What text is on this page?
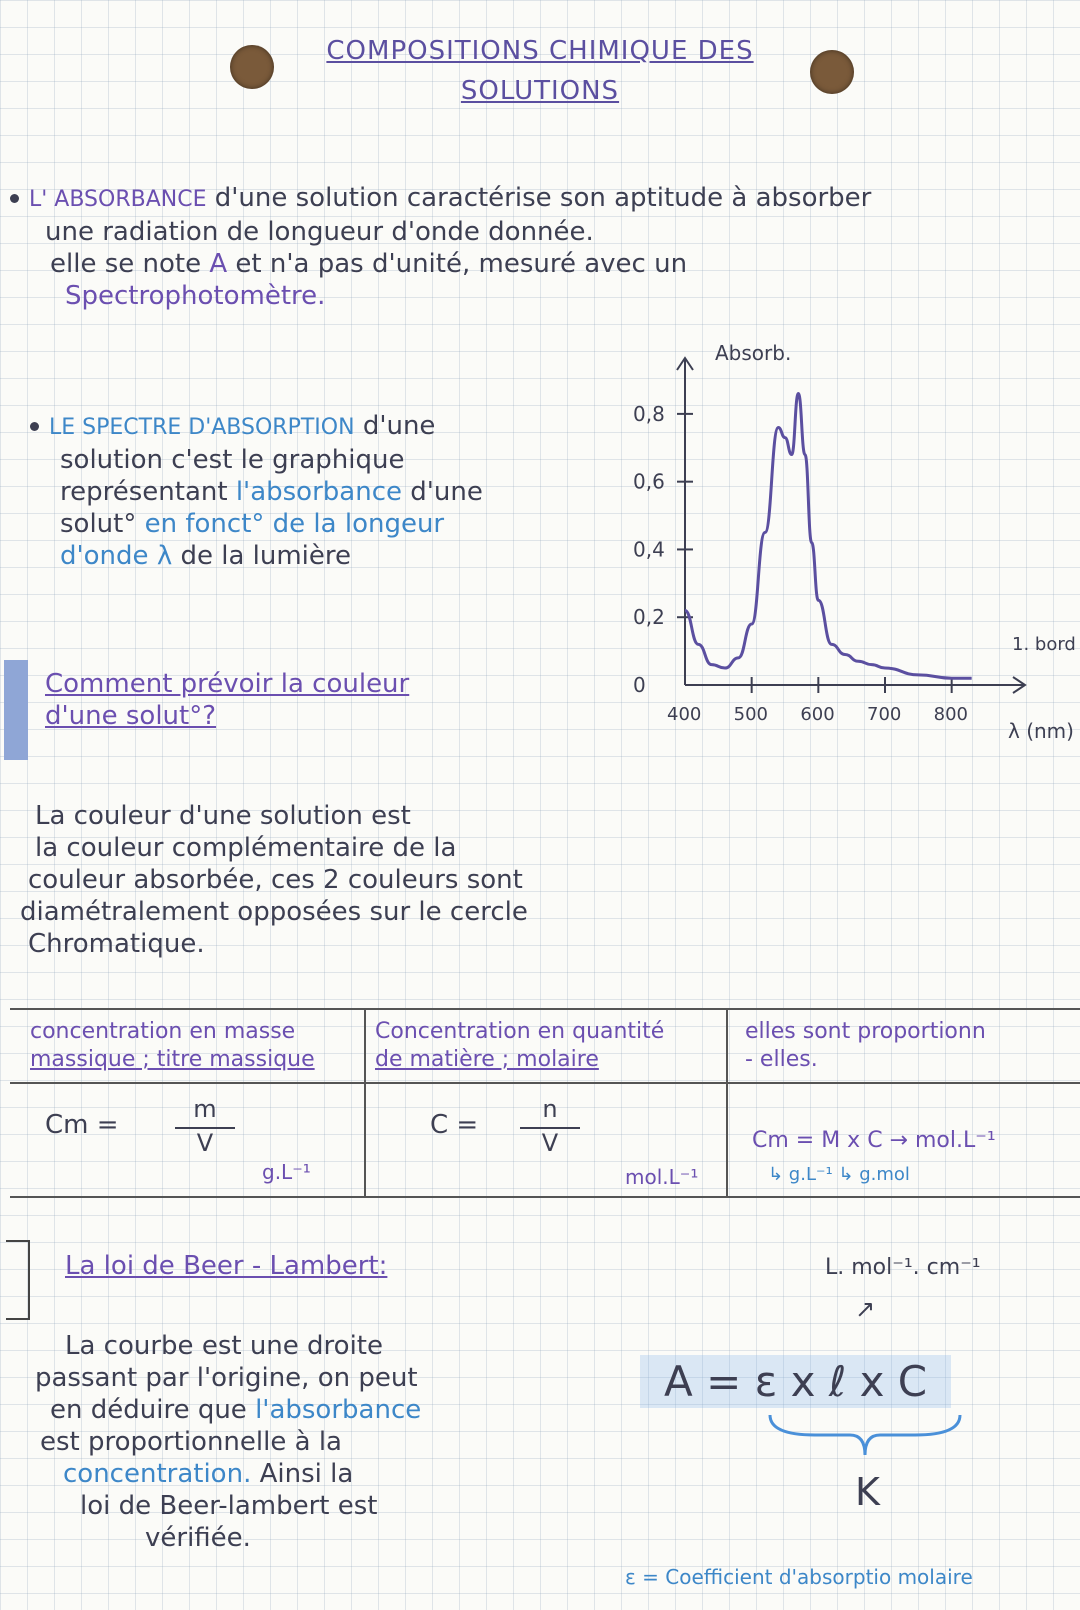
COMPOSITIONS CHIMIQUE DES
SOLUTIONS
L' ABSORBANCE d'une solution caractérise son aptitude à absorber
une radiation de longueur d'onde donnée.
elle se note A et n'a pas d'unité, mesuré avec un
Spectrophotomètre.
LE SPECTRE D'ABSORPTION d'une
solution c'est le graphique
représentant l'absorbance d'une
solut° en fonct° de la longeur
d'onde λ de la lumière
0
0,2
0,4
0,6
0,8
400 500 600 700 800
Absorb.
1. bord
λ (nm)
Comment prévoir la couleur
d'une solut°?
La couleur d'une solution est
la couleur complémentaire de la
couleur absorbée, ces 2 couleurs sont
diamétralement opposées sur le cercle
Chromatique.
concentration en masse
massique ; titre massique
Concentration en quantité
de matière ; molaire
elles sont proportionn
- elles.
Cm =
m
V
g.L⁻¹
C =
n
V
mol.L⁻¹
Cm = M x C → mol.L⁻¹
↳ g.L⁻¹ ↳ g.mol
La loi de Beer - Lambert:
La courbe est une droite
passant par l'origine, on peut
en déduire que l'absorbance
est proportionnelle à la
concentration. Ainsi la
loi de Beer-lambert est
vérifiée.
L. mol⁻¹. cm⁻¹
↗
A = ε x ℓ x C
K
ε = Coefficient d'absorptio molaire
